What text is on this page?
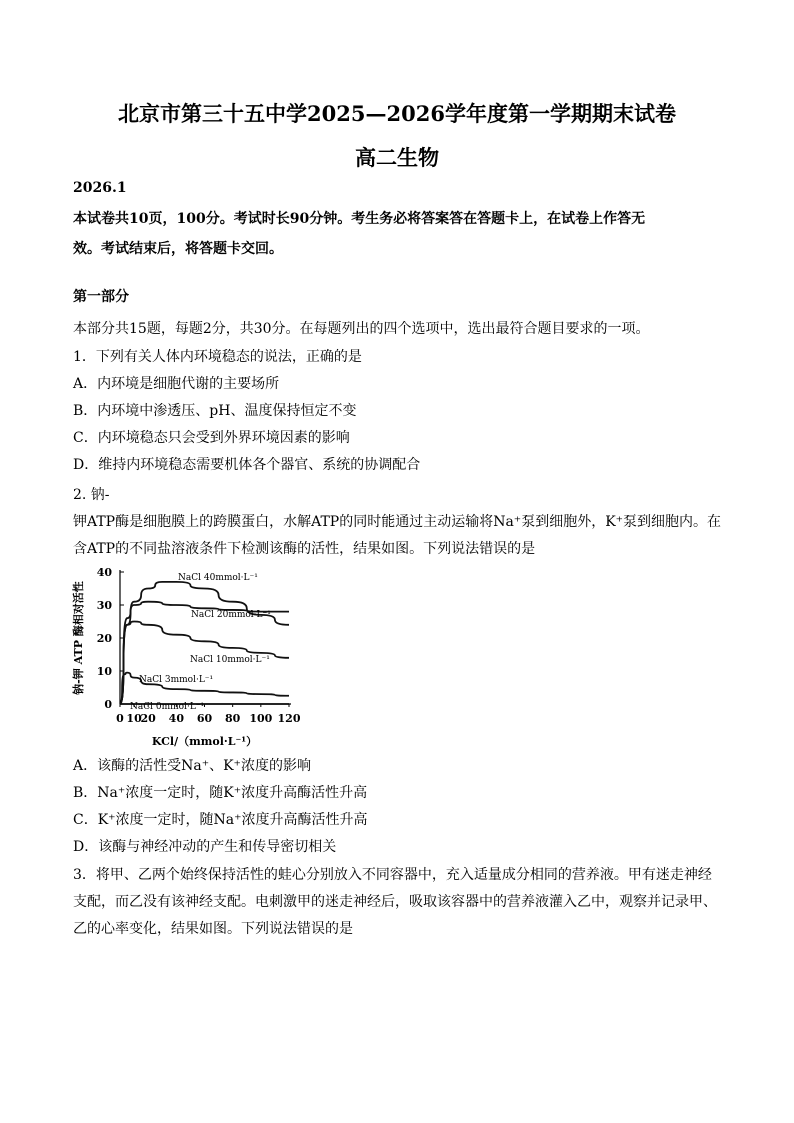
北京市第三十五中学2025—2026学年度第一学期期末试卷
高二生物
2026.1
本试卷共10页，100分。考试时长90分钟。考生务必将答案答在答题卡上，在试卷上作答无
效。考试结束后，将答题卡交回。
第一部分
本部分共15题，每题2分，共30分。在每题列出的四个选项中，选出最符合题目要求的一项。
1．下列有关人体内环境稳态的说法，正确的是
A．内环境是细胞代谢的主要场所
B．内环境中渗透压、pH、温度保持恒定不变
C．内环境稳态只会受到外界环境因素的影响
D．维持内环境稳态需要机体各个器官、系统的协调配合
2. 钠-
钾ATP酶是细胞膜上的跨膜蛋白，水解ATP的同时能通过主动运输将Na⁺泵到细胞外，K⁺泵到细胞内。在
含ATP的不同盐溶液条件下检测该酶的活性，结果如图。下列说法错误的是
0
10
20
30
40
0 10
20 40 60 80 100 120
KCl/（mmol·L⁻¹）
钠-钾 ATP 酶相对活性
NaCl 40mmol·L⁻¹
NaCl 20mmol·L⁻¹
NaCl 10mmol·L⁻¹
NaCl 3mmol·L⁻¹
NaCl 0mmol·L⁻¹
A．该酶的活性受Na⁺、K⁺浓度的影响
B．Na⁺浓度一定时，随K⁺浓度升高酶活性升高
C．K⁺浓度一定时，随Na⁺浓度升高酶活性升高
D．该酶与神经冲动的产生和传导密切相关
3．将甲、乙两个始终保持活性的蛙心分别放入不同容器中，充入适量成分相同的营养液。甲有迷走神经
支配，而乙没有该神经支配。电刺激甲的迷走神经后，吸取该容器中的营养液灌入乙中，观察并记录甲、
乙的心率变化，结果如图。下列说法错误的是
